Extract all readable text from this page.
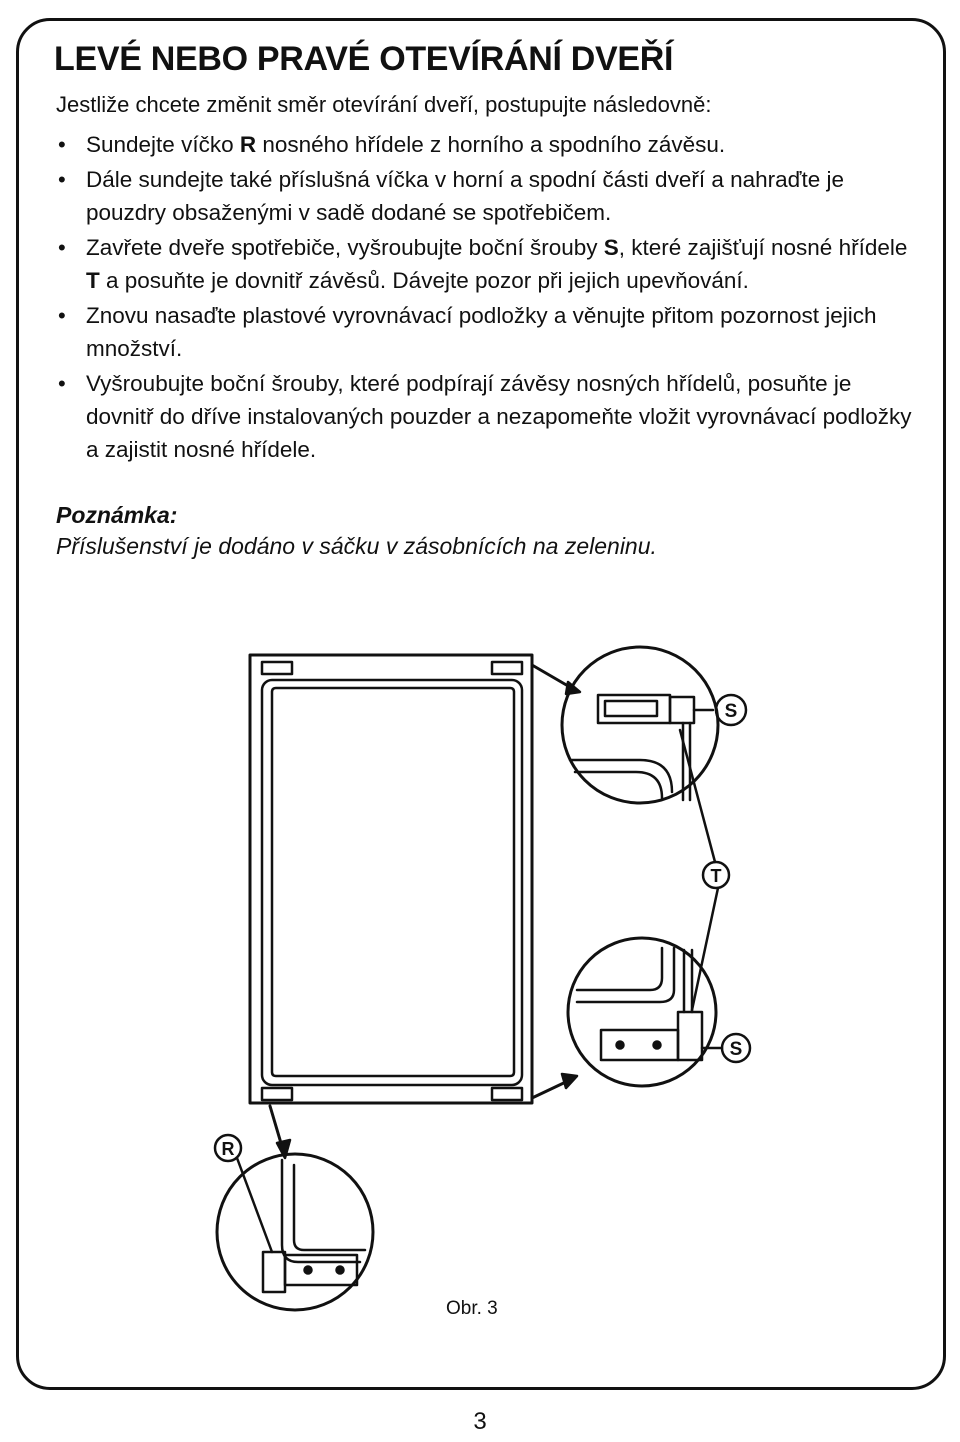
LEVÉ NEBO PRAVÉ OTEVÍRÁNÍ DVEŘÍ

Jestliže chcete změnit směr otevírání dveří, postupujte následovně:

• Sundejte víčko R nosného hřídele z horního a spodního závěsu.
• Dále sundejte také příslušná víčka v horní a spodní části dveří a nahraďte je pouzdry obsaženými v sadě dodané se spotřebičem.
• Zavřete dveře spotřebiče, vyšroubujte boční šrouby S, které zajišťují nosné hřídele T a posuňte je dovnitř závěsů. Dávejte pozor při jejich upevňování.
• Znovu nasaďte plastové vyrovnávací podložky a věnujte přitom pozornost jejich množství.
• Vyšroubujte boční šrouby, které podpírají závěsy nosných hřídelů, posuňte je dovnitř do dříve instalovaných pouzder a nezapomeňte vložit vyrovnávací podložky a zajistit nosné hřídele.

Poznámka:

Příslušenství je dodáno v sáčku v zásobnících na zeleninu.

S
S
T
R

Obr. 3

3
